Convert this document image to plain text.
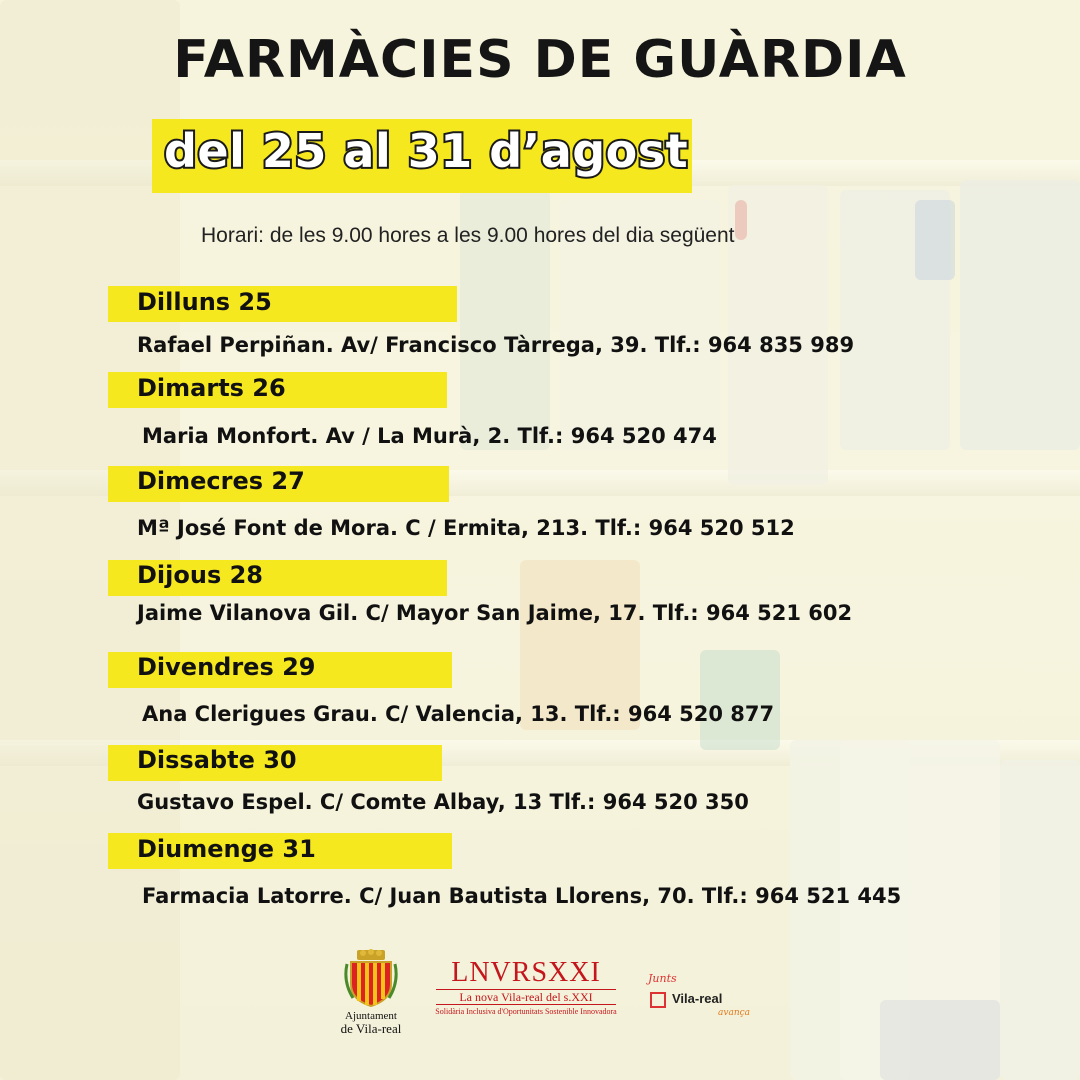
FARMÀCIES DE GUÀRDIA
del 25 al 31 d’agost
Horari: de les 9.00 hores a les 9.00 hores del dia següent
Dilluns 25
Rafael Perpiñan. Av/ Francisco Tàrrega, 39. Tlf.: 964 835 989
Dimarts 26
Maria Monfort. Av / La Murà, 2. Tlf.: 964 520 474
Dimecres 27
Mª José Font de Mora. C / Ermita, 213. Tlf.: 964 520 512
Dijous 28
Jaime Vilanova Gil. C/ Mayor San Jaime, 17. Tlf.: 964 521 602
Divendres 29
Ana Clerigues Grau. C/ Valencia, 13. Tlf.: 964 520 877
Dissabte 30
Gustavo Espel. C/ Comte Albay, 13 Tlf.: 964 520 350
Diumenge 31
Farmacia Latorre. C/ Juan Bautista Llorens, 70. Tlf.: 964 521 445
Ajuntament
de Vila-real
LNVRSXXI
La nova Vila-real del s.XXI
Solidària Inclusiva d'Oportunitats Sostenible Innovadora
Junts
Vila-real
avança
